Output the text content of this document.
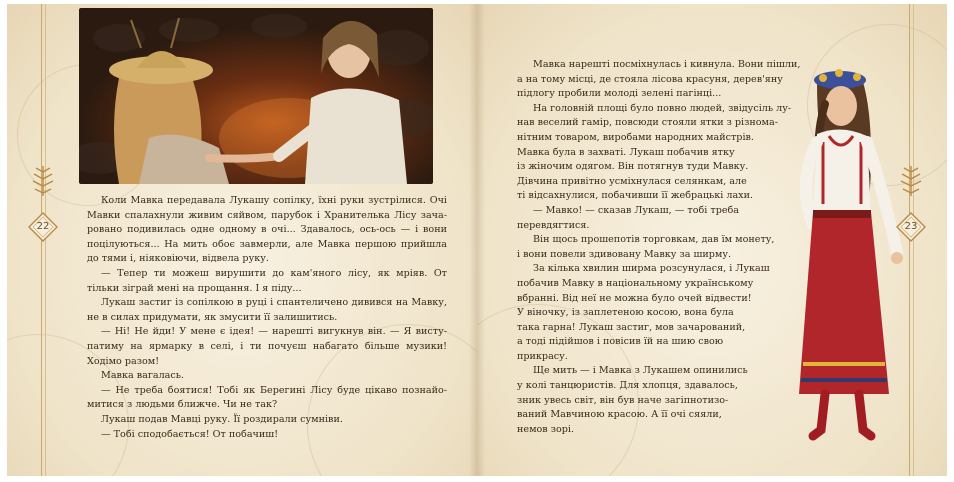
Коли Мавка передавала Лукашу сопілку, їхні руки зустрілися. Очі

Мавки спалахнули живим сяйвом, парубок і Хранителька Лісу зача-

ровано подивилась одне одному в очі... Здавалось, ось-ось — і вони

поцілуються... На мить обоє завмерли, але Мавка першою прийшла

до тями і, ніяковіючи, відвела руку.

— Тепер ти можеш вирушити до кам'яного лісу, як мріяв. От

тільки зіграй мені на прощання. І я піду...

Лукаш застиг із сопілкою в руці і спантеличено дивився на Мавку,

не в силах придумати, як змусити її залишитись.

— Ні! Не йди! У мене є ідея! — нарешті вигукнув він. — Я висту-

патиму на ярмарку в селі, і ти почуєш набагато більше музики!

Ходімо разом!

Мавка вагалась.

— Не треба боятися! Тобі як Берегині Лісу буде цікаво познайо-

митися з людьми ближче. Чи не так?

Лукаш подав Мавці руку. Її роздирали сумніви.

— Тобі сподобається! От побачиш!

22

Мавка нарешті посміхнулась і кивнула. Вони пішли,

а на тому місці, де стояла лісова красуня, дерев'яну

підлогу пробили молоді зелені пагінці...

На головній площі було повно людей, звідусіль лу-

нав веселий гамір, повсюди стояли ятки з різнома-

нітним товаром, виробами народних майстрів.

Мавка була в захваті. Лукаш побачив ятку

із жіночим одягом. Він потягнув туди Мавку.

Дівчина привітно усміхнулася селянкам, але

ті відсахнулися, побачивши її жебрацькі лахи.

— Мавко! — сказав Лукаш, — тобі треба

перевдягтися.

Він щось прошепотів торговкам, дав їм монету,

і вони повели здивовану Мавку за ширму.

За кілька хвилин ширма розсунулася, і Лукаш

побачив Мавку в національному українському

вбранні. Від неї не можна було очей відвести!

У віночку, із заплетеною косою, вона була

така гарна! Лукаш застиг, мов зачарований,

а тоді підійшов і повісив їй на шию свою

прикрасу.

Ще мить — і Мавка з Лукашем опинились

у колі танцюристів. Для хлопця, здавалось,

зник увесь світ, він був наче загіпнотизо-

ваний Мавчиною красою. А її очі сяяли,

немов зорі.

23
